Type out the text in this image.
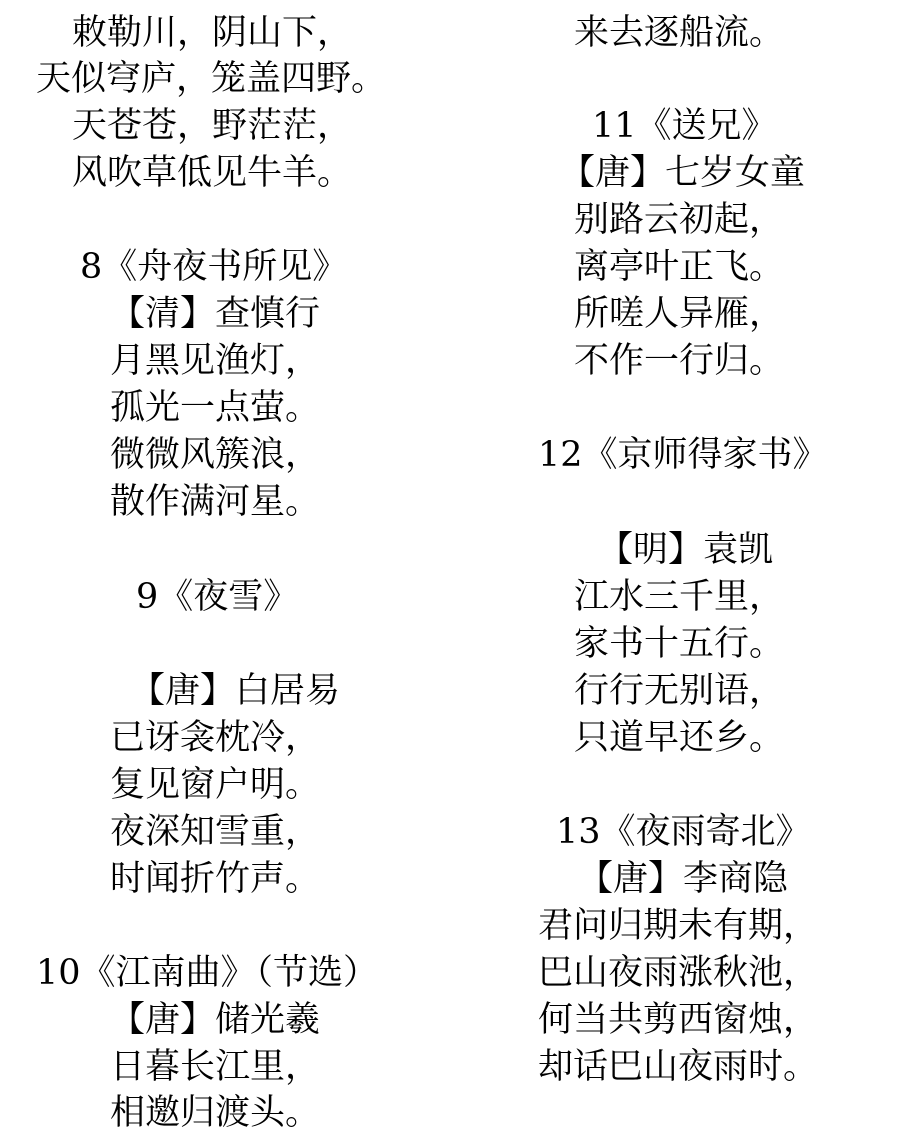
敕勒川，阴山下，
天似穹庐，笼盖四野。
天苍苍，野茫茫，
风吹草低见牛羊。
8《舟夜书所见》
【清】查慎行
月黑见渔灯，
孤光一点萤。
微微风簇浪，
散作满河星。
9《夜雪》
【唐】白居易
已讶衾枕冷，
复见窗户明。
夜深知雪重，
时闻折竹声。
10《江南曲》（节选）
【唐】储光羲
日暮长江里，
相邀归渡头。
来去逐船流。
11《送兄》
【唐】七岁女童
别路云初起，
离亭叶正飞。
所嗟人异雁，
不作一行归。
12《京师得家书》
【明】袁凯
江水三千里，
家书十五行。
行行无别语，
只道早还乡。
13《夜雨寄北》
【唐】李商隐
君问归期未有期，
巴山夜雨涨秋池，
何当共剪西窗烛，
却话巴山夜雨时。
